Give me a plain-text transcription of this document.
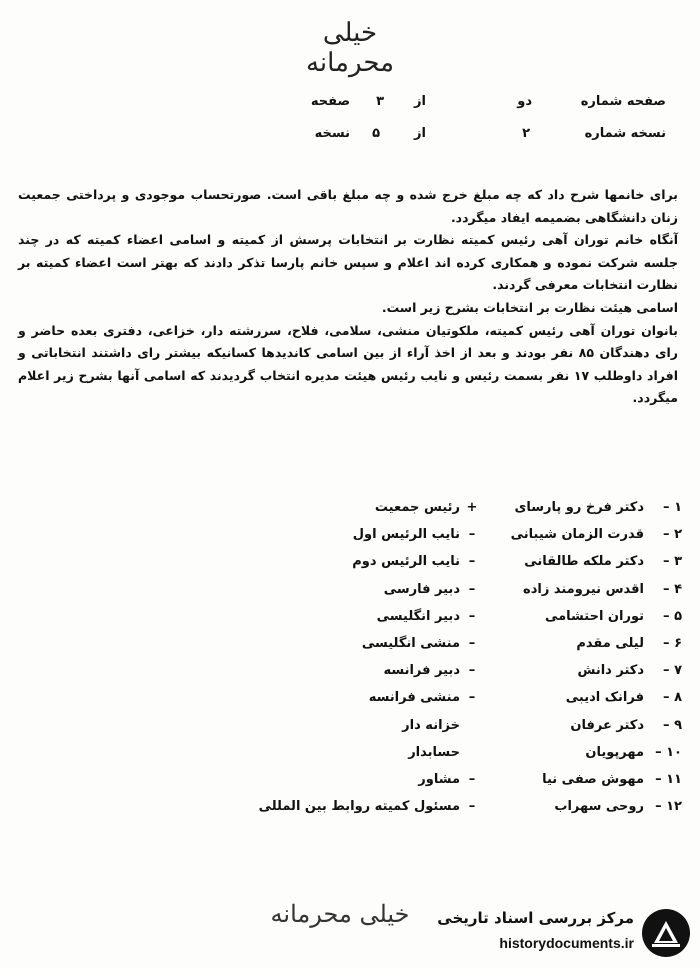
خیلی محرمانه
صفحه شماره
دو
از
۳
صفحه
نسخه شماره
۲
از
۵
نسخه

برای خانمها شرح داد که چه مبلغ خرج شده و چه مبلغ باقی است. صورتحساب موجودی و پرداختی جمعیت زنان دانشگاهی بضمیمه ایفاد میگردد.

آنگاه خانم توران آهی رئیس کمیته نظارت بر انتخابات پرسش از کمیته و اسامی اعضاء کمیته که در چند جلسه شرکت نموده و همکاری کرده اند اعلام و سپس خانم پارسا تذکر دادند که بهتر است اعضاء کمیته بر نظارت انتخابات معرفی گردند.

اسامی هیئت نظارت بر انتخابات بشرح زیر است.

بانوان توران آهی رئیس کمیته، ملکوتیان منشی، سلامی، فلاح، سررشته دار، خزاعی، دفتری بعده حاضر و رای دهندگان ۸۵ نفر بودند و بعد از اخذ آراء از بین اسامی کاندیدها کسانیکه بیشتر رای داشتند انتخاباتی و افراد داوطلب ۱۷ نفر بسمت رئیس و نایب رئیس هیئت مدیره انتخاب گردیدند که اسامی آنها بشرح زیر اعلام میگردد.

۱ –
دکتر فرخ رو پارسای
+
رئیس جمعیت
۲ –
قدرت الزمان شیبانی
–
نایب الرئیس اول
۳ –
دکتر ملکه طالقانی
–
نایب الرئیس دوم
۴ –
اقدس نیرومند زاده
–
دبیر فارسی
۵ –
توران احتشامی
–
دبیر انگلیسی
۶ –
لیلی مقدم
–
منشی انگلیسی
۷ –
دکتر دانش
–
دبیر فرانسه
۸ –
فرانک ادیبی
–
منشی فرانسه
۹ –
دکتر عرفان
خزانه دار
۱۰ –
مهرپویان
حسابدار
۱۱ –
مهوش صفی نیا
–
مشاور
۱۲ –
روحی سهراب
–
مسئول کمیته روابط بین المللی
خیلی محرمانه	مرکز بررسی اسناد تاریخی
historydocuments.ir
